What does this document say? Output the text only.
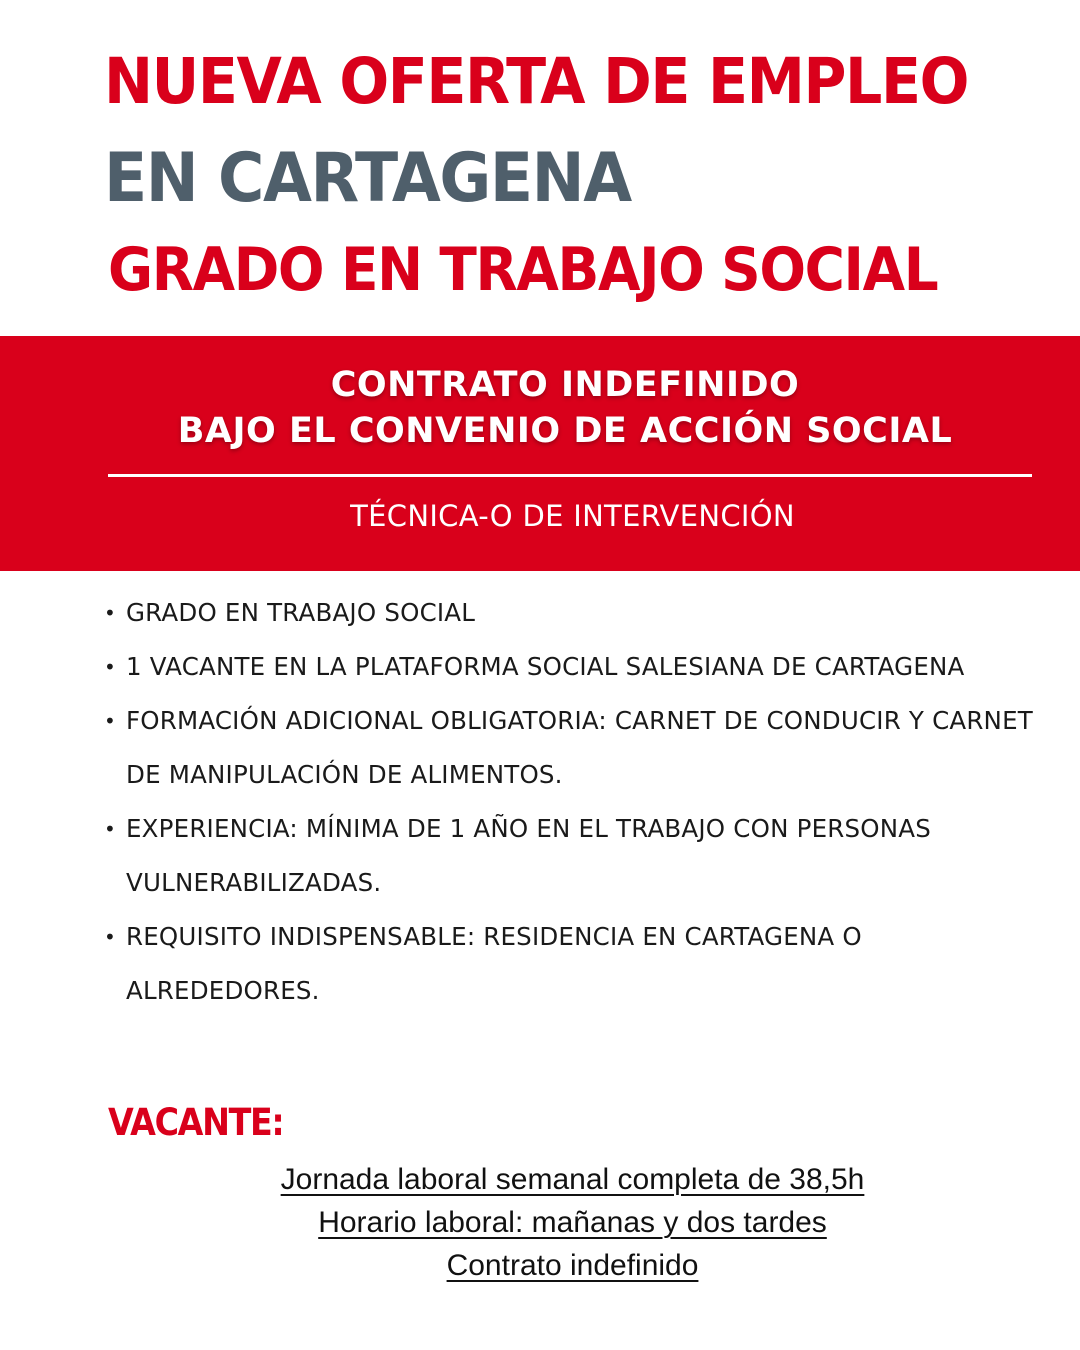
NUEVA OFERTA DE EMPLEO
EN CARTAGENA
GRADO EN TRABAJO SOCIAL
CONTRATO INDEFINIDO
BAJO EL CONVENIO DE ACCIÓN SOCIAL

TÉCNICA-O DE INTERVENCIÓN

• GRADO EN TRABAJO SOCIAL
• 1 VACANTE EN LA PLATAFORMA SOCIAL SALESIANA DE CARTAGENA
• FORMACIÓN ADICIONAL OBLIGATORIA: CARNET DE CONDUCIR Y CARNET DE MANIPULACIÓN DE ALIMENTOS.
• EXPERIENCIA: MÍNIMA DE 1 AÑO EN EL TRABAJO CON PERSONAS VULNERABILIZADAS.
• REQUISITO INDISPENSABLE: RESIDENCIA EN CARTAGENA O ALREDEDORES.
VACANTE:
Jornada laboral semanal completa de 38,5h
Horario laboral: mañanas y dos tardes
Contrato indefinido
